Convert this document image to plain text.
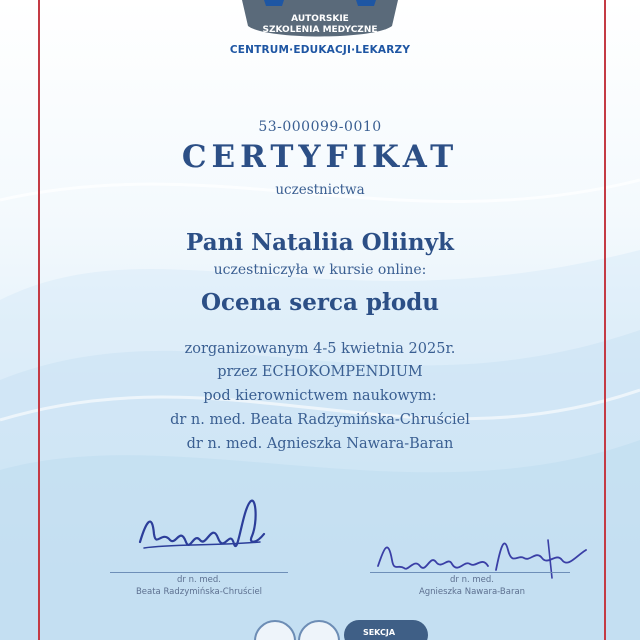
AUTORSKIE
SZKOLENIA MEDYCZNE
CENTRUM·EDUKACJI·LEKARZY
53-000099-0010
CERTYFIKAT
uczestnictwa
Pani Nataliia Oliinyk
uczestniczyła w kursie online:
Ocena serca płodu
zorganizowanym 4-5 kwietnia 2025r.
przez ECHOKOMPENDIUM
pod kierownictwem naukowym:
dr n. med. Beata Radzymińska-Chruściel
dr n. med. Agnieszka Nawara-Baran
dr n. med.
Beata Radzymińska-Chruściel
dr n. med.
Agnieszka Nawara-Baran
SEKCJA
